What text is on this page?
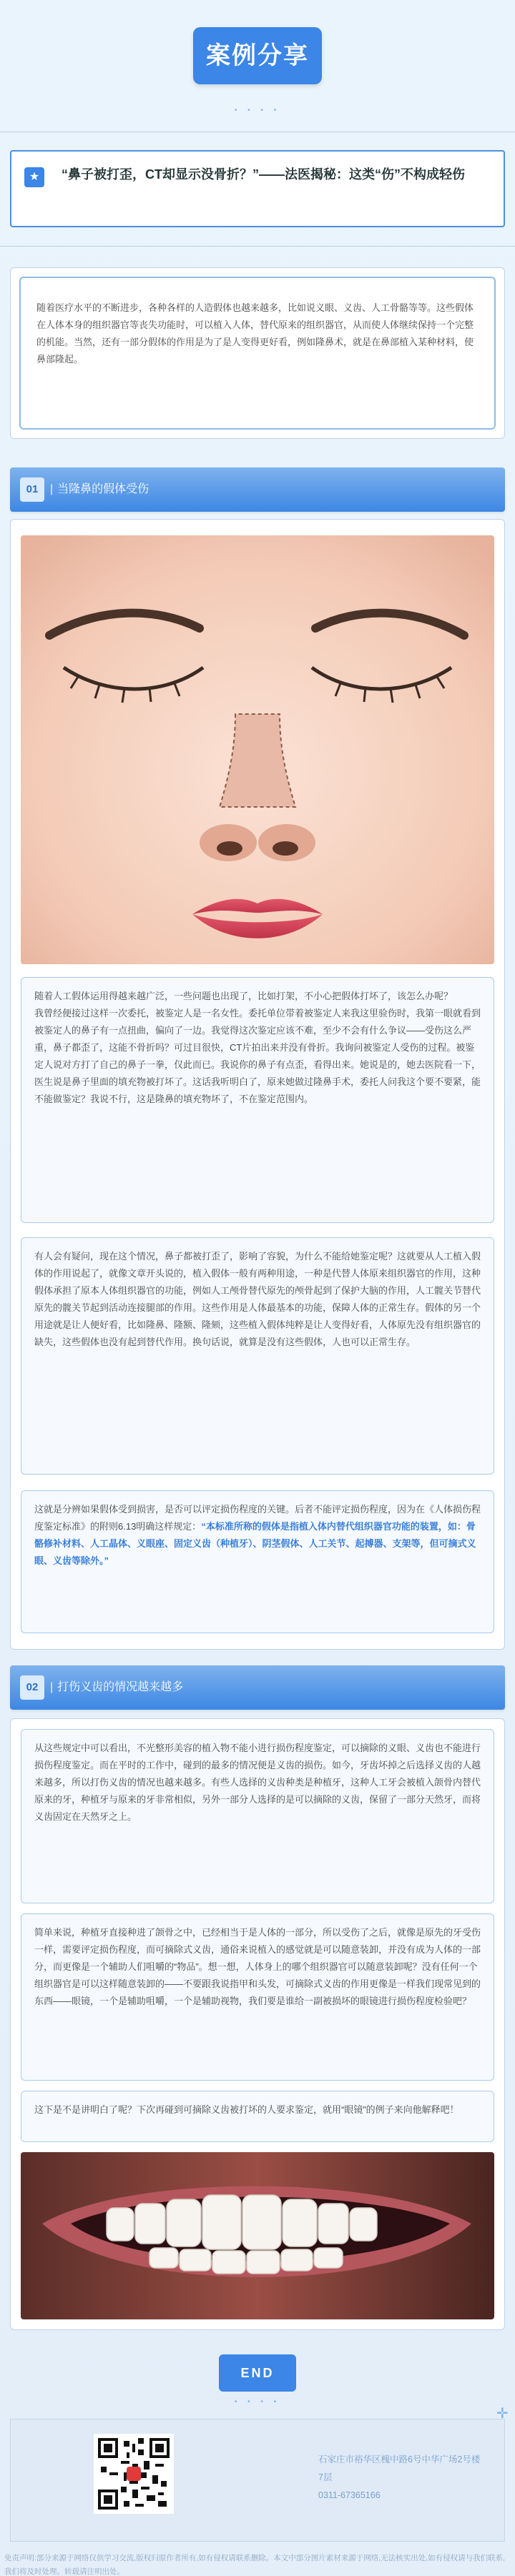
案例分享
• • • •
★	“鼻子被打歪，CT却显示没骨折？”——法医揭秘：这类“伤”不构成轻伤

随着医疗水平的不断进步，各种各样的人造假体也越来越多，比如说义眼、义齿、人工骨骼等等。这些假体在人体本身的组织器官等丧失功能时，可以植入人体，替代原来的组织器官，从而使人体继续保持一个完整的机能。当然，还有一部分假体的作用是为了是人变得更好看，例如隆鼻术，就是在鼻部植入某种材料，使鼻部隆起。

01	| 当隆鼻的假体受伤

随着人工假体运用得越来越广泛，一些问题也出现了，比如打架，不小心把假体打坏了，该怎么办呢？
我曾经便接过这样一次委托，被鉴定人是一名女性。委托单位带着被鉴定人来我这里验伤时，我第一眼就看到被鉴定人的鼻子有一点扭曲，偏向了一边。我觉得这次鉴定应该不难，至少不会有什么争议——受伤这么严重，鼻子都歪了，这能不骨折吗？可过目很快，CT片拍出来并没有骨折。我询问被鉴定人受伤的过程。被鉴定人说对方打了自己的鼻子一拳，仅此而已。我说你的鼻子有点歪，看得出来。她说是的，她去医院看一下，医生说是鼻子里面的填充物被打坏了。这话我听明白了，原来她做过隆鼻手术，委托人问我这个要不要紧，能不能做鉴定？我说不行，这是隆鼻的填充物坏了，不在鉴定范围内。

有人会有疑问，现在这个情况，鼻子都被打歪了，影响了容貌，为什么不能给她鉴定呢？这就要从人工植入假体的作用说起了，就像文章开头说的，植入假体一般有两种用途，一种是代替人体原来组织器官的作用，这种假体承担了原本人体组织器官的功能，例如人工颅骨替代原先的颅骨起到了保护大脑的作用，人工髋关节替代原先的髋关节起到活动连接腿部的作用。这些作用是人体最基本的功能，保障人体的正常生存。假体的另一个用途就是让人便好看，比如隆鼻、隆额、隆颏，这些植入假体纯粹是让人变得好看，人体原先没有组织器官的缺失，这些假体也没有起到替代作用。换句话说，就算是没有这些假体，人也可以正常生存。

这就是分辨如果假体受到损害，是否可以评定损伤程度的关键。后者不能评定损伤程度，因为在《人体损伤程度鉴定标准》的附则6.13明确这样规定：“本标准所称的假体是指植入体内替代组织器官功能的装置，如：骨骼修补材料、人工晶体、义眼座、固定义齿（种植牙）、阴茎假体、人工关节、起搏器、支架等，但可摘式义眼、义齿等除外。”

02	| 打伤义齿的情况越来越多

从这些规定中可以看出，不光整形美容的植入物不能小进行损伤程度鉴定，可以摘除的义眼、义齿也不能进行损伤程度鉴定。而在平时的工作中，碰到的最多的情况便是义齿的损伤。如今，牙齿坏掉之后选择义齿的人越来越多，所以打伤义齿的情况也越来越多。有些人选择的义齿种类是种植牙，这种人工牙会被植入颌骨内替代原来的牙，种植牙与原来的牙非常相似，另外一部分人选择的是可以摘除的义齿，保留了一部分天然牙，而将义齿固定在天然牙之上。

简单来说，种植牙直接种进了颌骨之中，已经相当于是人体的一部分，所以受伤了之后，就像是原先的牙受伤一样，需要评定损伤程度，而可摘除式义齿，通俗来说植入的感觉就是可以随意装卸，并没有成为人体的一部分，而更像是一个辅助人们咀嚼的“物品”。想一想，人体身上的哪个组织器官可以随意装卸呢？没有任何一个组织器官是可以这样随意装卸的——不要跟我说指甲和头发，可摘除式义齿的作用更像是一样我们现常见到的东西——眼镜，一个是辅助咀嚼，一个是辅助视物，我们要是谁给一副被损坏的眼镜进行损伤程度检验吧？

这下是不是讲明白了呢？下次再碰到可摘除义齿被打坏的人要求鉴定，就用“眼镜”的例子来向他解释吧！

END
• • • •
石家庄市裕华区槐中路6号中华广场2号楼7层
0311-67365166
✛
免责声明:部分来源于网络仅供学习交流,版权归原作者所有,如有侵权请联系删除。本文中部分图片素材来源于网络,无法核实出处,如有侵权请与我们联系,我们将及时处理。转载请注明出处。
